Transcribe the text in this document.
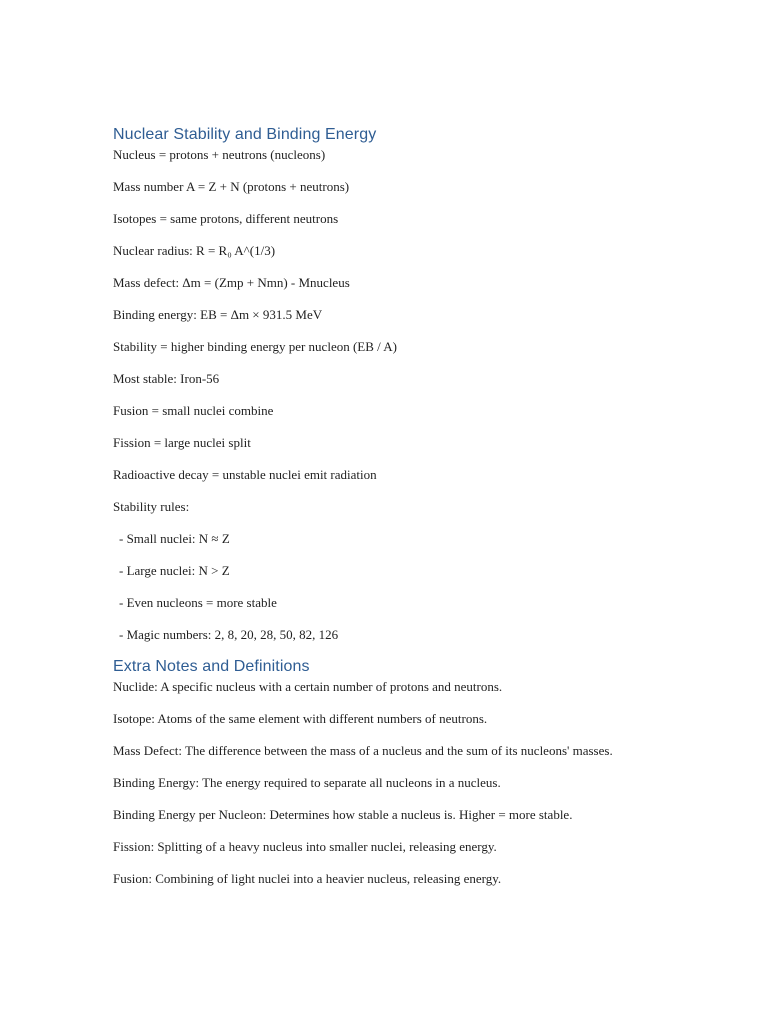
Nuclear Stability and Binding Energy

Nucleus = protons + neutrons (nucleons)

Mass number A = Z + N (protons + neutrons)

Isotopes = same protons, different neutrons

Nuclear radius: R = R₀ A^(1/3)

Mass defect: Δm = (Zmp + Nmn) - Mnucleus

Binding energy: EB = Δm × 931.5 MeV

Stability = higher binding energy per nucleon (EB / A)

Most stable: Iron-56

Fusion = small nuclei combine

Fission = large nuclei split

Radioactive decay = unstable nuclei emit radiation

Stability rules:

- Small nuclei: N ≈ Z

- Large nuclei: N > Z

- Even nucleons = more stable

- Magic numbers: 2, 8, 20, 28, 50, 82, 126

Extra Notes and Definitions

Nuclide: A specific nucleus with a certain number of protons and neutrons.

Isotope: Atoms of the same element with different numbers of neutrons.

Mass Defect: The difference between the mass of a nucleus and the sum of its nucleons' masses.

Binding Energy: The energy required to separate all nucleons in a nucleus.

Binding Energy per Nucleon: Determines how stable a nucleus is. Higher = more stable.

Fission: Splitting of a heavy nucleus into smaller nuclei, releasing energy.

Fusion: Combining of light nuclei into a heavier nucleus, releasing energy.
